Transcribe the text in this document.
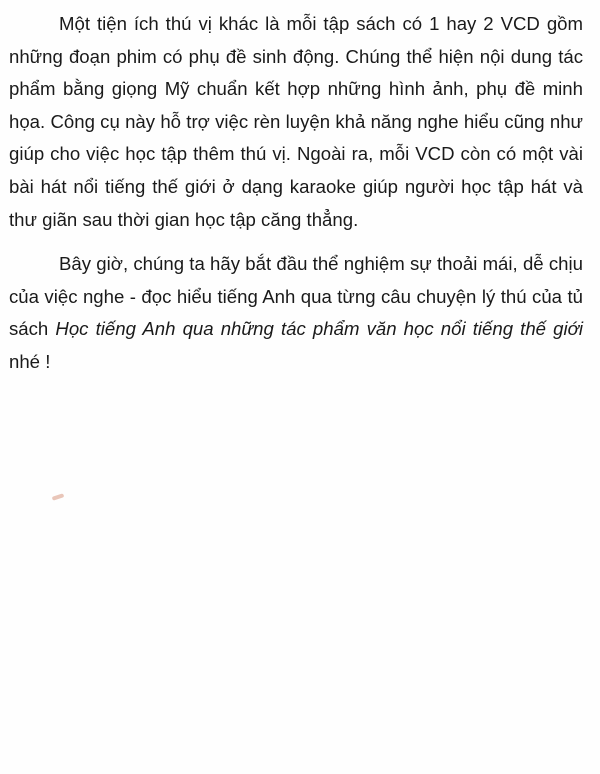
Một tiện ích thú vị khác là mỗi tập sách có 1 hay 2 VCD gồm những đoạn phim có phụ đề sinh động. Chúng thể hiện nội dung tác phẩm bằng giọng Mỹ chuẩn kết hợp những hình ảnh, phụ đề minh họa. Công cụ này hỗ trợ việc rèn luyện khả năng nghe hiểu cũng như giúp cho việc học tập thêm thú vị. Ngoài ra, mỗi VCD còn có một vài bài hát nổi tiếng thế giới ở dạng karaoke giúp người học tập hát và thư giãn sau thời gian học tập căng thẳng.

Bây giờ, chúng ta hãy bắt đầu thể nghiệm sự thoải mái, dễ chịu của việc nghe - đọc hiểu tiếng Anh qua từng câu chuyện lý thú của tủ sách Học tiếng Anh qua những tác phẩm văn học nổi tiếng thế giới nhé !
